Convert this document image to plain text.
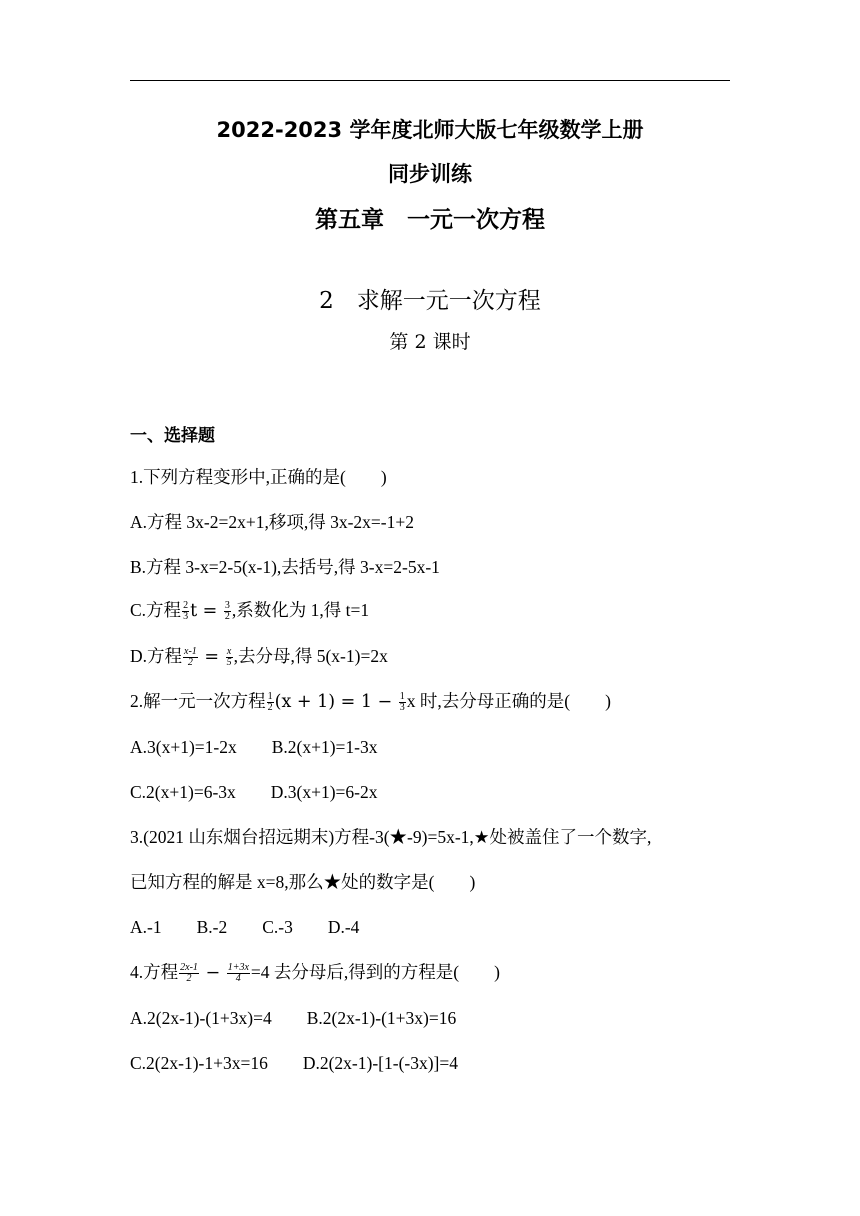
2022-2023 学年度北师大版七年级数学上册
同步训练
第五章　一元一次方程
2　求解一元一次方程
第 2 课时
一、选择题
1.下列方程变形中,正确的是(　　)
A.方程 3x-2=2x+1,移项,得 3x-2x=-1+2
B.方程 3-x=2-5(x-1),去括号,得 3-x=2-5x-1
C.方程 $\frac{2}{3}$ $t = \frac{3}{2}$ ,系数化为 1,得 t=1
D.方程 $\frac{x-1}{2} = \frac{x}{5}$ ,去分母,得 5(x-1)=2x
2.解一元一次方程 $\frac{1}{2} (x + 1) = 1 - \frac{1}{3}$ x 时,去分母正确的是(　　)
A.3(x+1)=1-2x　　B.2(x+1)=1-3x
C.2(x+1)=6-3x　　D.3(x+1)=6-2x
3.(2021 山东烟台招远期末)方程-3(★-9)=5x-1,★处被盖住了一个数字,
已知方程的解是 x=8,那么★处的数字是(　　)
A.-1　　B.-2　　C.-3　　D.-4
4.方程 $\frac{2x-1}{2} - \frac{1+3x}{4} =4$ 去分母后,得到的方程是(　　)
A.2(2x-1)-(1+3x)=4　　B.2(2x-1)-(1+3x)=16
C.2(2x-1)-1+3x=16　　D.2(2x-1)-[1-(-3x)]=4
